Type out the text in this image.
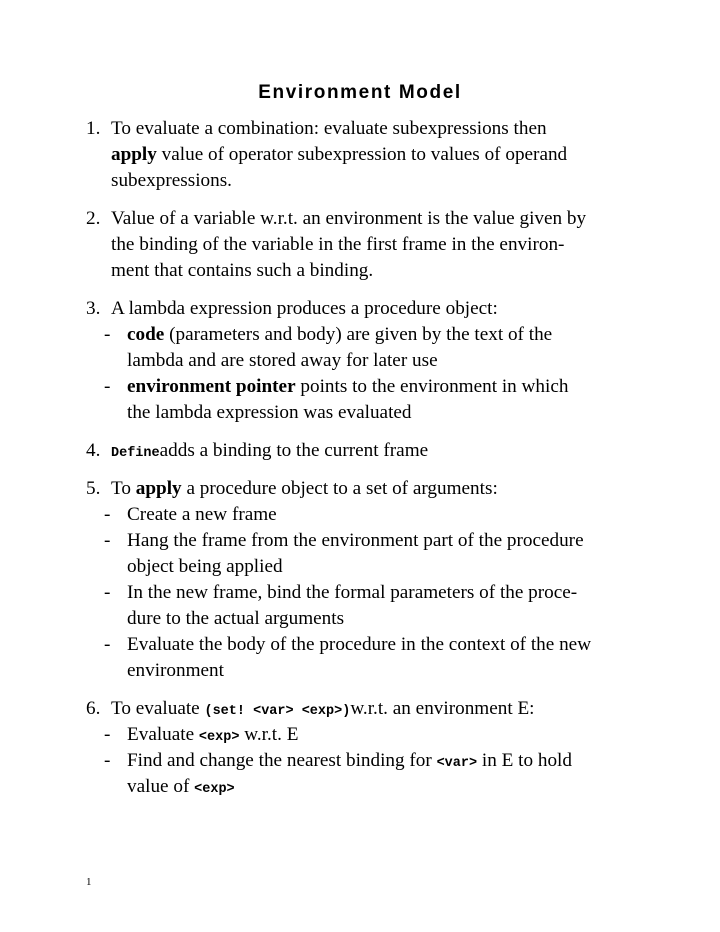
Environment Model
1. To evaluate a combination: evaluate subexpressions then
apply value of operator subexpression to values of operand
subexpressions.
2. Value of a variable w.r.t. an environment is the value given by
the binding of the variable in the first frame in the environ-
ment that contains such a binding.
3. A lambda expression produces a procedure object:
- code (parameters and body) are given by the text of the
lambda and are stored away for later use
- environment pointer points to the environment in which
the lambda expression was evaluated
4. Defineadds a binding to the current frame
5. To apply a procedure object to a set of arguments:
- Create a new frame
- Hang the frame from the environment part of the procedure
object being applied
- In the new frame, bind the formal parameters of the proce-
dure to the actual arguments
- Evaluate the body of the procedure in the context of the new
environment
6. To evaluate (set! <var> <exp>)w.r.t. an environment E:
- Evaluate <exp> w.r.t. E
- Find and change the nearest binding for <var> in E to hold
value of <exp>
1
